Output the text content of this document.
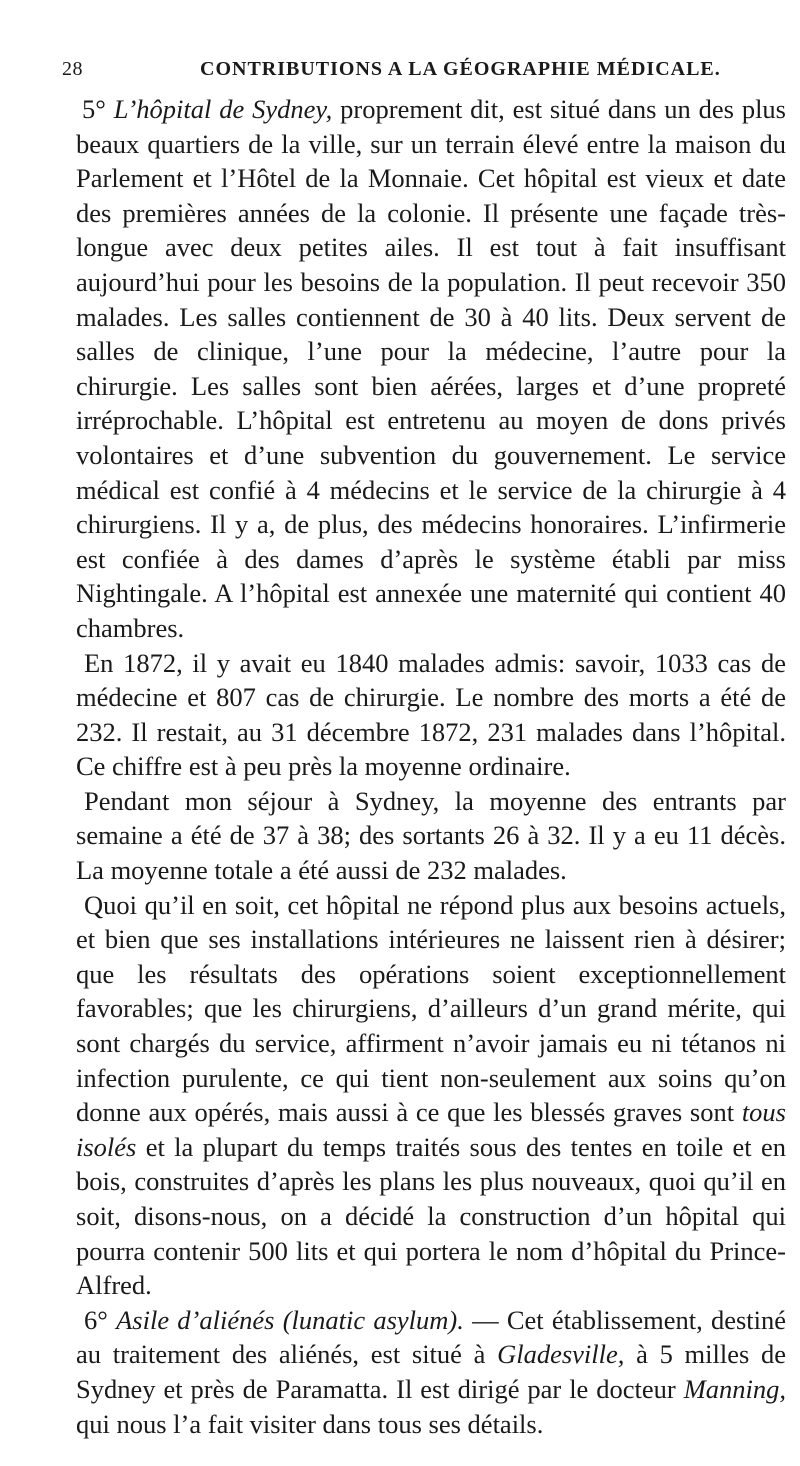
28	CONTRIBUTIONS A LA GÉOGRAPHIE MÉDICALE.

5° L’hôpital de Sydney, proprement dit, est situé dans un des plus beaux quartiers de la ville, sur un terrain élevé entre la maison du Parlement et l’Hôtel de la Monnaie. Cet hôpital est vieux et date des premières années de la colonie. Il présente une façade très-longue avec deux petites ailes. Il est tout à fait insuffisant aujourd’hui pour les besoins de la population. Il peut recevoir 350 malades. Les salles contiennent de 30 à 40 lits. Deux servent de salles de clinique, l’une pour la médecine, l’autre pour la chirurgie. Les salles sont bien aérées, larges et d’une propreté irréprochable. L’hôpital est entretenu au moyen de dons privés volontaires et d’une subvention du gouvernement. Le service médical est confié à 4 médecins et le service de la chirurgie à 4 chirurgiens. Il y a, de plus, des médecins honoraires. L’infirmerie est confiée à des dames d’après le système établi par miss Nightingale. A l’hôpital est annexée une maternité qui contient 40 chambres.

En 1872, il y avait eu 1840 malades admis: savoir, 1033 cas de médecine et 807 cas de chirurgie. Le nombre des morts a été de 232. Il restait, au 31 décembre 1872, 231 malades dans l’hôpital. Ce chiffre est à peu près la moyenne ordinaire.

Pendant mon séjour à Sydney, la moyenne des entrants par semaine a été de 37 à 38; des sortants 26 à 32. Il y a eu 11 décès. La moyenne totale a été aussi de 232 malades.

Quoi qu’il en soit, cet hôpital ne répond plus aux besoins actuels, et bien que ses installations intérieures ne laissent rien à désirer; que les résultats des opérations soient exceptionnellement favorables; que les chirurgiens, d’ailleurs d’un grand mérite, qui sont chargés du service, affirment n’avoir jamais eu ni tétanos ni infection purulente, ce qui tient non-seulement aux soins qu’on donne aux opérés, mais aussi à ce que les blessés graves sont tous isolés et la plupart du temps traités sous des tentes en toile et en bois, construites d’après les plans les plus nouveaux, quoi qu’il en soit, disons-nous, on a décidé la construction d’un hôpital qui pourra contenir 500 lits et qui portera le nom d’hôpital du Prince-Alfred.

6° Asile d’aliénés (lunatic asylum). — Cet établissement, destiné au traitement des aliénés, est situé à Gladesville, à 5 milles de Sydney et près de Paramatta. Il est dirigé par le docteur Manning, qui nous l’a fait visiter dans tous ses détails.
